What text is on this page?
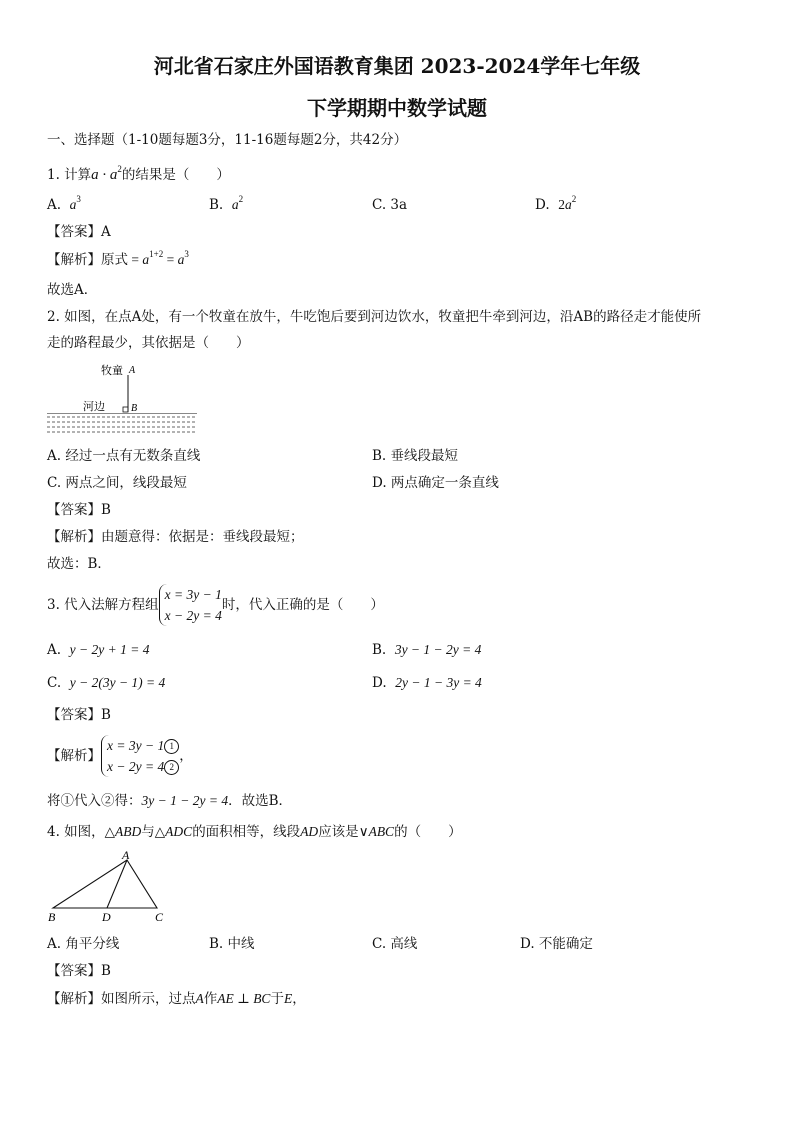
河北省石家庄外国语教育集团 2023-2024学年七年级
下学期期中数学试题
一、选择题（1-10题每题3分，11-16题每题2分，共42分）
1. 计算$a \cdot a^2$的结果是（　　）
A. $a^3$	B. $a^2$	C. 3a	D. $2a^2$
【答案】A
【解析】原式 = $a^{1+2} = a^3$
故选A．
2. 如图，在点A处，有一个牧童在放牛，牛吃饱后要到河边饮水，牧童把牛牵到河边，沿AB的路径走才能使所
走的路程最少，其依据是（　　）
牧童 A
河边	B
A. 经过一点有无数条直线	B. 垂线段最短
C. 两点之间，线段最短	D. 两点确定一条直线
【答案】B
【解析】由题意得：依据是：垂线段最短；
故选：B．
3. 代入法解方程组x = 3y − 1
x − 2y = 4时，代入正确的是（　　）
A. y − 2y + 1 = 4	B. 3y − 1 − 2y = 4
C. y − 2(3y − 1) = 4	D. 2y − 1 − 3y = 4
【答案】B
【解析】x = 3y − 1 1
x − 2y = 4 2，
将①代入②得：3y − 1 − 2y = 4．故选B．
4. 如图，△ABD与△ADC的面积相等，线段AD应该是∨ABC的（　　）
A
B	D	C
A. 角平分线	B. 中线	C. 高线	D. 不能确定
【答案】B
【解析】如图所示，过点A作AE ⊥ BC于E，
